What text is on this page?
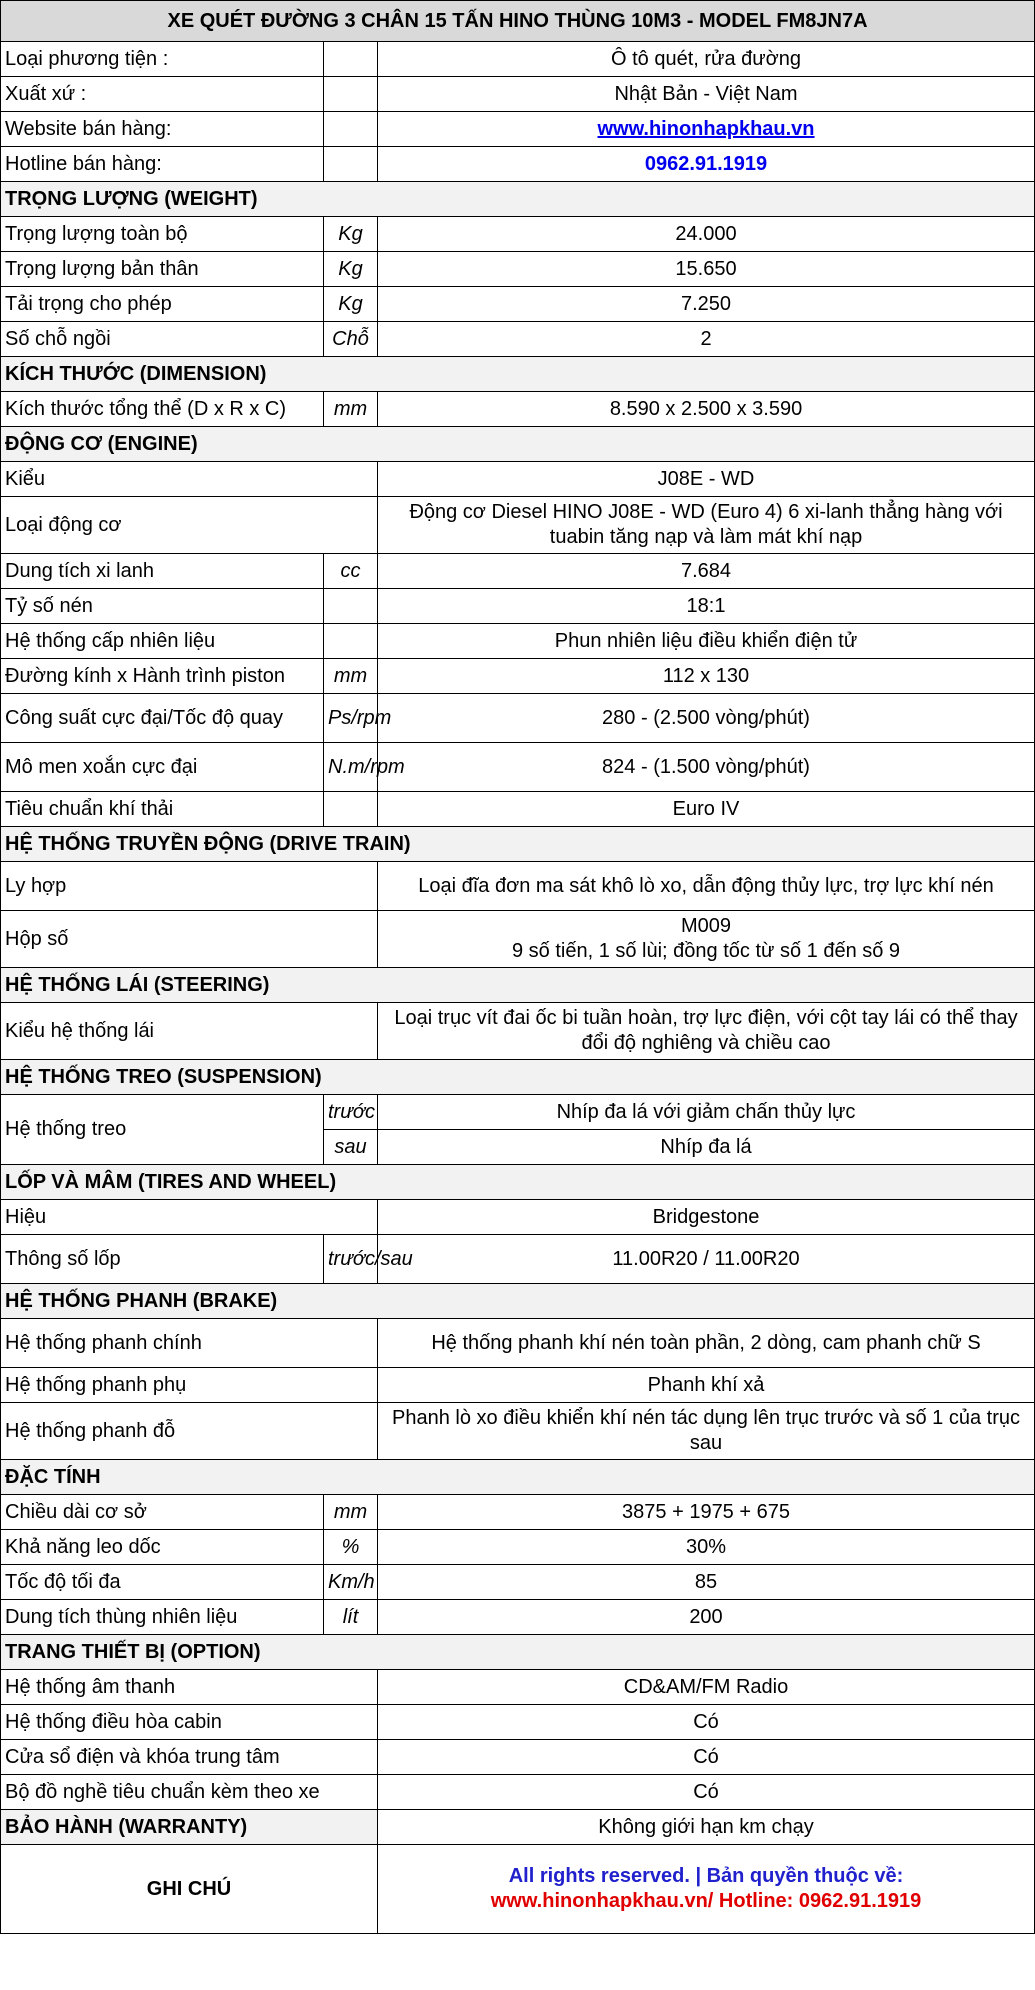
XE QUÉT ĐƯỜNG 3 CHÂN 15 TẤN HINO THÙNG 10M3 - MODEL FM8JN7A		
Loại phương tiện :		Ô tô quét, rửa đường
Xuất xứ :		Nhật Bản - Việt Nam
Website bán hàng:		www.hinonhapkhau.vn
Hotline bán hàng:		0962.91.1919
TRỌNG LƯỢNG (WEIGHT)		
Trọng lượng toàn bộ	Kg	24.000
Trọng lượng bản thân	Kg	15.650
Tải trọng cho phép	Kg	7.250
Số chỗ ngồi	Chỗ	2
KÍCH THƯỚC (DIMENSION)		
Kích thước tổng thể (D x R x C)	mm	8.590 x 2.500 x 3.590
ĐỘNG CƠ (ENGINE)		
Kiểu		J08E - WD
Loại động cơ		Động cơ Diesel HINO J08E - WD (Euro 4) 6 xi-lanh thẳng hàng với tuabin tăng nạp và làm mát khí nạp
Dung tích xi lanh	cc	7.684
Tỷ số nén		18:1
Hệ thống cấp nhiên liệu		Phun nhiên liệu điều khiển điện tử
Đường kính x Hành trình piston	mm	112 x 130
Công suất cực đại/Tốc độ quay	Ps/rpm	280 - (2.500 vòng/phút)
Mô men xoắn cực đại	N.m/rpm	824 - (1.500 vòng/phút)
Tiêu chuẩn khí thải		Euro IV
HỆ THỐNG TRUYỀN ĐỘNG (DRIVE TRAIN)		
Ly hợp		Loại đĩa đơn ma sát khô lò xo, dẫn động thủy lực, trợ lực khí nén
Hộp số		M009
9 số tiến, 1 số lùi; đồng tốc từ số 1 đến số 9

HỆ THỐNG LÁI (STEERING)		
Kiểu hệ thống lái		Loại trục vít đai ốc bi tuần hoàn, trợ lực điện, với cột tay lái có thể thay đổi độ nghiêng và chiều cao
HỆ THỐNG TREO (SUSPENSION)		
Hệ thống treo	trước	Nhíp đa lá với giảm chấn thủy lực
	sau	Nhíp đa lá
LỐP VÀ MÂM (TIRES AND WHEEL)		
Hiệu		Bridgestone
Thông số lốp	trước/sau	11.00R20 / 11.00R20
HỆ THỐNG PHANH (BRAKE)		
Hệ thống phanh chính		Hệ thống phanh khí nén toàn phần, 2 dòng, cam phanh chữ S
Hệ thống phanh phụ		Phanh khí xả
Hệ thống phanh đỗ		Phanh lò xo điều khiển khí nén tác dụng lên trục trước và số 1 của trục sau
ĐẶC TÍNH		
Chiều dài cơ sở	mm	3875 + 1975 + 675
Khả năng leo dốc	%	30%
Tốc độ tối đa	Km/h	85
Dung tích thùng nhiên liệu	lít	200
TRANG THIẾT BỊ (OPTION)		
Hệ thống âm thanh		CD&AM/FM Radio
Hệ thống điều hòa cabin		Có
Cửa sổ điện và khóa trung tâm		Có
Bộ đồ nghề tiêu chuẩn kèm theo xe		Có
BẢO HÀNH (WARRANTY)		Không giới hạn km chạy
GHI CHÚ		All rights reserved. | Bản quyền thuộc về:
www.hinonhapkhau.vn/ Hotline: 0962.91.1919
